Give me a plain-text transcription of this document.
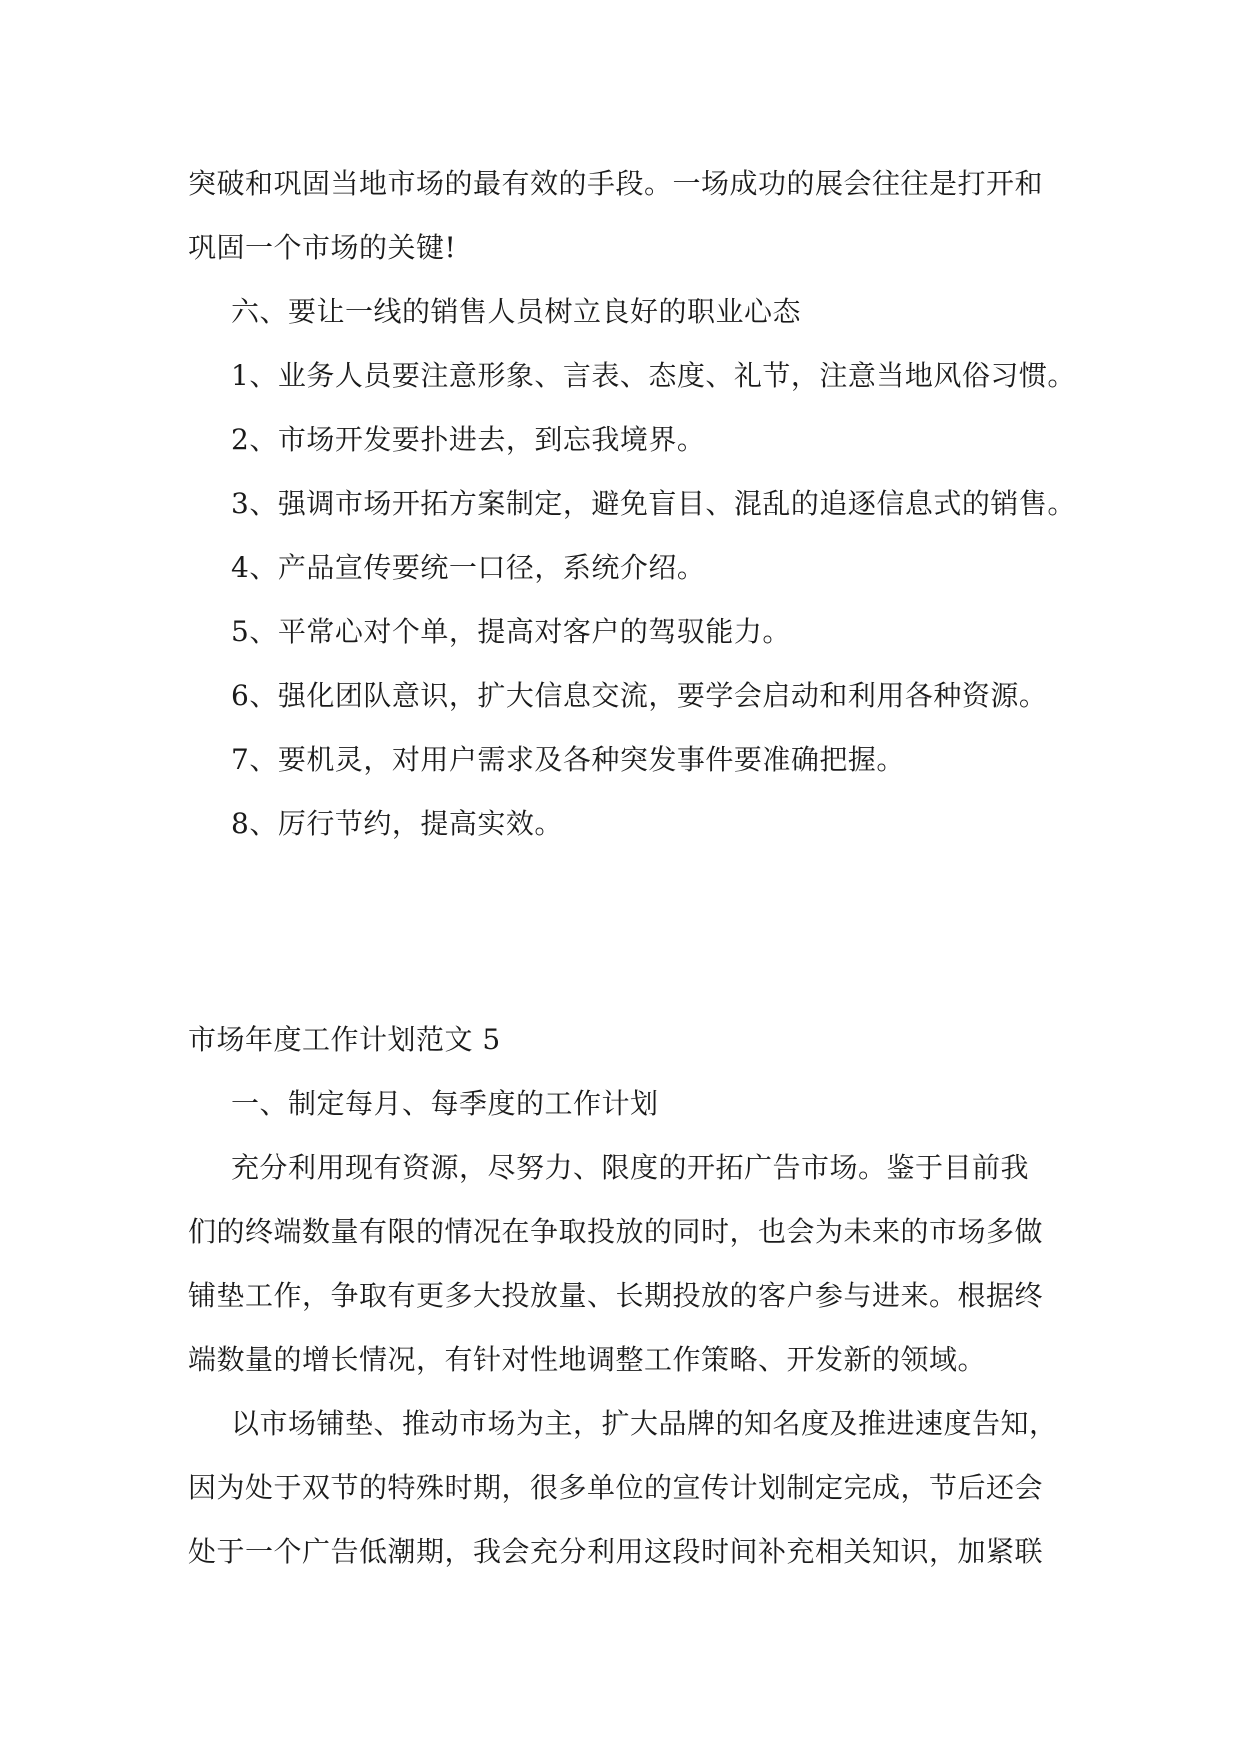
突破和巩固当地市场的最有效的手段。一场成功的展会往往是打开和
巩固一个市场的关键!
六、要让一线的销售人员树立良好的职业心态
1、业务人员要注意形象、言表、态度、礼节，注意当地风俗习惯。
2、市场开发要扑进去，到忘我境界。
3、强调市场开拓方案制定，避免盲目、混乱的追逐信息式的销售。
4、产品宣传要统一口径，系统介绍。
5、平常心对个单，提高对客户的驾驭能力。
6、强化团队意识，扩大信息交流，要学会启动和利用各种资源。
7、要机灵，对用户需求及各种突发事件要准确把握。
8、厉行节约，提高实效。
市场年度工作计划范文 5
一、制定每月、每季度的工作计划
充分利用现有资源，尽努力、限度的开拓广告市场。鉴于目前我
们的终端数量有限的情况在争取投放的同时，也会为未来的市场多做
铺垫工作，争取有更多大投放量、长期投放的客户参与进来。根据终
端数量的增长情况，有针对性地调整工作策略、开发新的领域。
以市场铺垫、推动市场为主，扩大品牌的知名度及推进速度告知，
因为处于双节的特殊时期，很多单位的宣传计划制定完成，节后还会
处于一个广告低潮期，我会充分利用这段时间补充相关知识，加紧联
